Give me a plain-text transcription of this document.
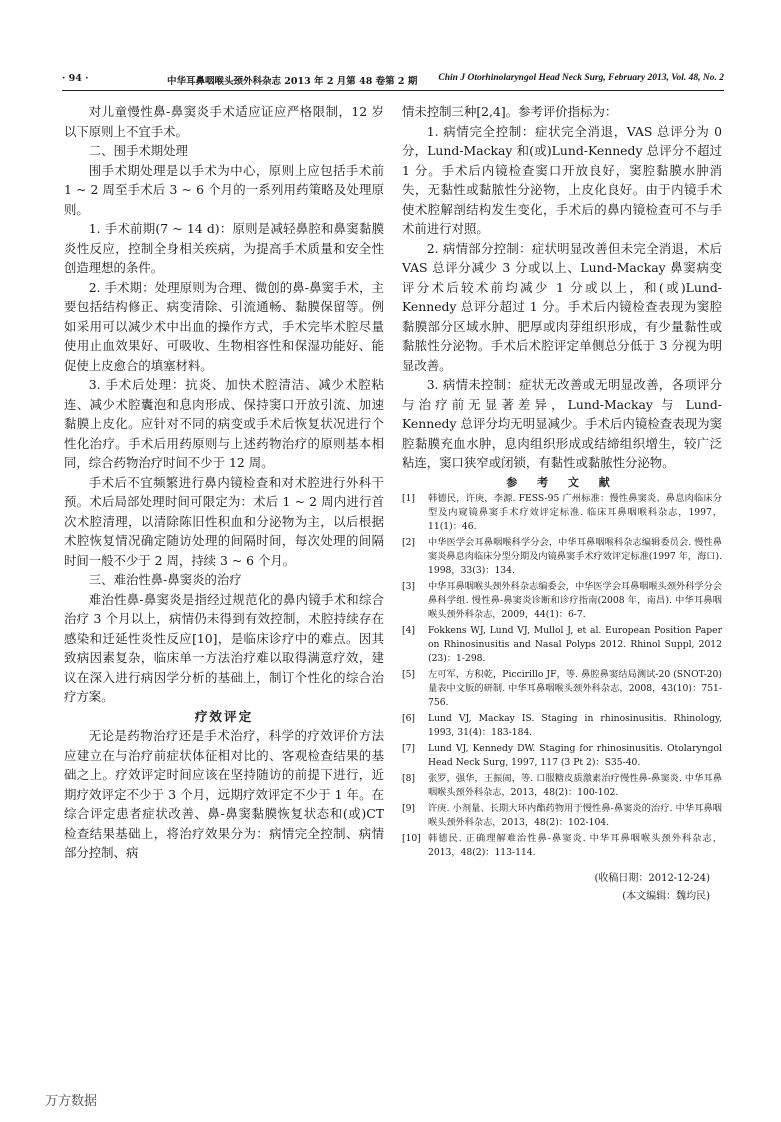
· 94 ·	中华耳鼻咽喉头颈外科杂志 2013 年 2 月第 48 卷第 2 期 Chin J Otorhinolaryngol Head Neck Surg, February 2013, Vol. 48, No. 2

对儿童慢性鼻-鼻窦炎手术适应证应严格限制，12 岁以下原则上不宜手术。

二、围手术期处理

围手术期处理是以手术为中心，原则上应包括手术前 1 ~ 2 周至手术后 3 ~ 6 个月的一系列用药策略及处理原则。

1. 手术前期(7 ~ 14 d)：原则是减轻鼻腔和鼻窦黏膜炎性反应，控制全身相关疾病，为提高手术质量和安全性创造理想的条件。

2. 手术期：处理原则为合理、微创的鼻-鼻窦手术，主要包括结构修正、病变清除、引流通畅、黏膜保留等。例如采用可以减少术中出血的操作方式，手术完毕术腔尽量使用止血效果好、可吸收、生物相容性和保湿功能好、能促使上皮愈合的填塞材料。

3. 手术后处理：抗炎、加快术腔清洁、减少术腔粘连、减少术腔囊泡和息肉形成、保持窦口开放引流、加速黏膜上皮化。应针对不同的病变或手术后恢复状况进行个性化治疗。手术后用药原则与上述药物治疗的原则基本相同，综合药物治疗时间不少于 12 周。

手术后不宜频繁进行鼻内镜检查和对术腔进行外科干预。术后局部处理时间可限定为：术后 1 ~ 2 周内进行首次术腔清理，以清除陈旧性积血和分泌物为主，以后根据术腔恢复情况确定随访处理的间隔时间，每次处理的间隔时间一般不少于 2 周，持续 3 ~ 6 个月。

三、难治性鼻-鼻窦炎的治疗

难治性鼻-鼻窦炎是指经过规范化的鼻内镜手术和综合治疗 3 个月以上，病情仍未得到有效控制，术腔持续存在感染和迁延性炎性反应[10]，是临床诊疗中的难点。因其致病因素复杂，临床单一方法治疗难以取得满意疗效，建议在深入进行病因学分析的基础上，制订个性化的综合治疗方案。

疗效评定

无论是药物治疗还是手术治疗，科学的疗效评价方法应建立在与治疗前症状体征相对比的、客观检查结果的基础之上。疗效评定时间应该在坚持随访的前提下进行，近期疗效评定不少于 3 个月，远期疗效评定不少于 1 年。在综合评定患者症状改善、鼻-鼻窦黏膜恢复状态和(或)CT 检查结果基础上，将治疗效果分为：病情完全控制、病情部分控制、病

情未控制三种[2,4]。参考评价指标为：

1. 病情完全控制：症状完全消退，VAS 总评分为 0 分，Lund-Mackay 和(或)Lund-Kennedy 总评分不超过 1 分。手术后内镜检查窦口开放良好，窦腔黏膜水肿消失，无黏性或黏脓性分泌物，上皮化良好。由于内镜手术使术腔解剖结构发生变化，手术后的鼻内镜检查可不与手术前进行对照。

2. 病情部分控制：症状明显改善但未完全消退，术后 VAS 总评分减少 3 分或以上、Lund-Mackay 鼻窦病变评分术后较术前均减少 1 分或以上，和(或)Lund-Kennedy 总评分超过 1 分。手术后内镜检查表现为窦腔黏膜部分区域水肿、肥厚或肉芽组织形成，有少量黏性或黏脓性分泌物。手术后术腔评定单侧总分低于 3 分视为明显改善。

3. 病情未控制：症状无改善或无明显改善，各项评分与治疗前无显著差异，Lund-Mackay 与 Lund-Kennedy 总评分均无明显减少。手术后内镜检查表现为窦腔黏膜充血水肿，息肉组织形成或结缔组织增生，较广泛粘连，窦口狭窄或闭锁，有黏性或黏脓性分泌物。

参 考 文 献

[1] 韩德民，许庚，李源. FESS-95 广州标准：慢性鼻窦炎、鼻息肉临床分型及内窥镜鼻窦手术疗效评定标准. 临床耳鼻咽喉科杂志，1997，11(1)：46.
[2] 中华医学会耳鼻咽喉科学分会，中华耳鼻咽喉科杂志编辑委员会. 慢性鼻窦炎鼻息肉临床分型分期及内镜鼻窦手术疗效评定标准(1997 年，海口). 1998，33(3)：134.
[3] 中华耳鼻咽喉头颈外科杂志编委会，中华医学会耳鼻咽喉头颈外科学分会鼻科学组. 慢性鼻-鼻窦炎诊断和诊疗指南(2008 年，南昌). 中华耳鼻咽喉头颈外科杂志，2009，44(1)：6-7.
[4] Fokkens WJ, Lund VJ, Mullol J, et al. European Position Paper on Rhinosinusitis and Nasal Polyps 2012. Rhinol Suppl, 2012 (23)：1-298.
[5] 左可军，方积乾，Piccirillo JF，等. 鼻腔鼻窦结局测试-20 (SNOT-20) 量表中文版的研制. 中华耳鼻咽喉头颈外科杂志，2008，43(10)：751-756.
[6] Lund VJ, Mackay IS. Staging in rhinosinusitis. Rhinology, 1993, 31(4)：183-184.
[7] Lund VJ, Kennedy DW. Staging for rhinosinusitis. Otolaryngol Head Neck Surg, 1997, 117 (3 Pt 2)：S35-40.
[8] 张罗，强华，王振闹，等. 口服糖皮质激素治疗慢性鼻-鼻窦炎. 中华耳鼻咽喉头颈外科杂志，2013，48(2)：100-102.
[9] 许庚. 小剂量、长期大环内酯药物用于慢性鼻-鼻窦炎的治疗. 中华耳鼻咽喉头颈外科杂志，2013，48(2)：102-104.
[10] 韩德民. 正确理解难治性鼻-鼻窦炎. 中华耳鼻咽喉头颈外科杂志，2013，48(2)：113-114.
(收稿日期：2012-12-24)
(本文编辑：魏均民)
万方数据
